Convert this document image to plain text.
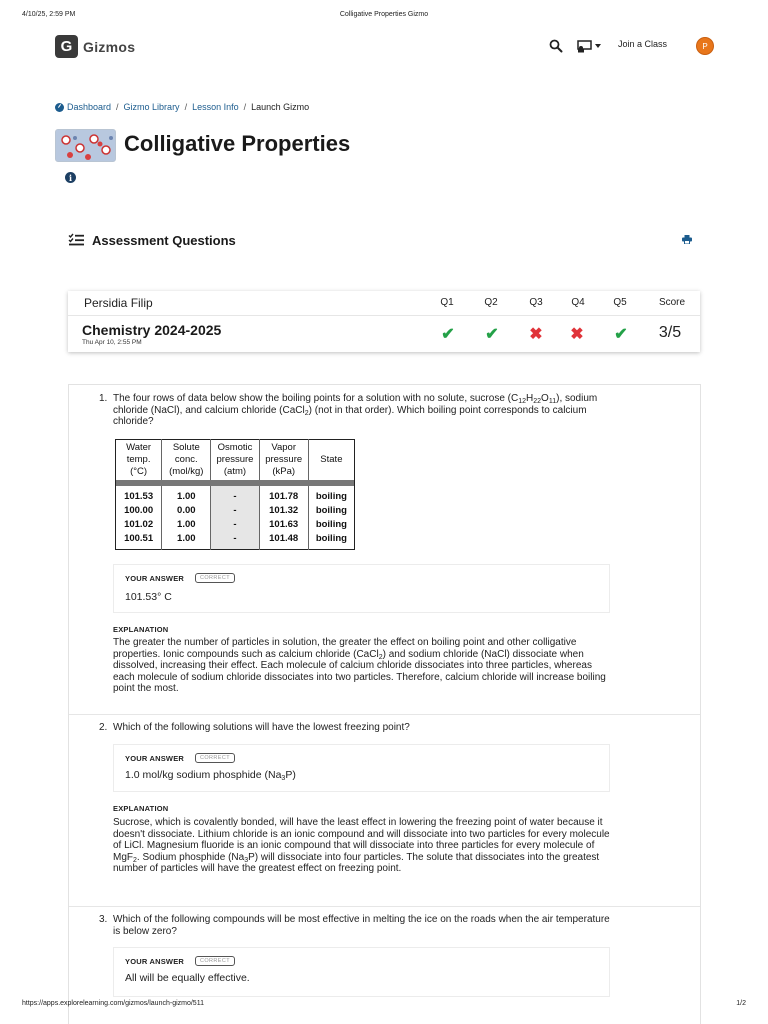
4/10/25, 2:59 PM	Colligative Properties Gizmo
G Gizmos	Join a Class	P
Dashboard / Gizmo Library / Lesson Info / Launch Gizmo
Colligative Properties
i
Assessment Questions
Persidia Filip	Q1	Q2	Q3	Q4	Q5	Score
Chemistry 2024-2025
Thu Apr 10, 2:55 PM	✔	✔	✖	✖	✔	3/5
1. The four rows of data below show the boiling points for a solution with no solute, sucrose $(C_{12}H_{22}O_{11})$, sodium chloride (NaCl), and calcium chloride (CaCl$_2$) (not in that order). Which boiling point corresponds to calcium chloride?
Water
temp.
(°C)	Solute
conc.
(mol/kg)	Osmotic
pressure
(atm)	Vapor
pressure
(kPa)	State

101.53	1.00	-	101.78	boiling
100.00	0.00	-	101.32	boiling
101.02	1.00	-	101.63	boiling
100.51	1.00	-	101.48	boiling
YOUR ANSWER	CORRECT
101.53° C
EXPLANATION
The greater the number of particles in solution, the greater the effect on boiling point and other colligative properties. Ionic compounds such as calcium chloride (CaCl$_2$) and sodium chloride (NaCl) dissociate when dissolved, increasing their effect. Each molecule of calcium chloride dissociates into three particles, whereas each molecule of sodium chloride dissociates into two particles. Therefore, calcium chloride will increase boiling point the most.
2. Which of the following solutions will have the lowest freezing point?
YOUR ANSWER	CORRECT
1.0 mol/kg sodium phosphide $(Na_3P)$
EXPLANATION
Sucrose, which is covalently bonded, will have the least effect in lowering the freezing point of water because it doesn't dissociate. Lithium chloride is an ionic compound and will dissociate into two particles for every molecule of LiCl. Magnesium fluoride is an ionic compound that will dissociate into three particles for every molecule of MgF$_2$. Sodium phosphide $(Na_3P)$ will dissociate into four particles. The solute that dissociates into the greatest number of particles will have the greatest effect on freezing point.
3. Which of the following compounds will be most effective in melting the ice on the roads when the air temperature is below zero?
YOUR ANSWER	CORRECT
All will be equally effective.
https://apps.explorelearning.com/gizmos/launch-gizmo/511	1/2
